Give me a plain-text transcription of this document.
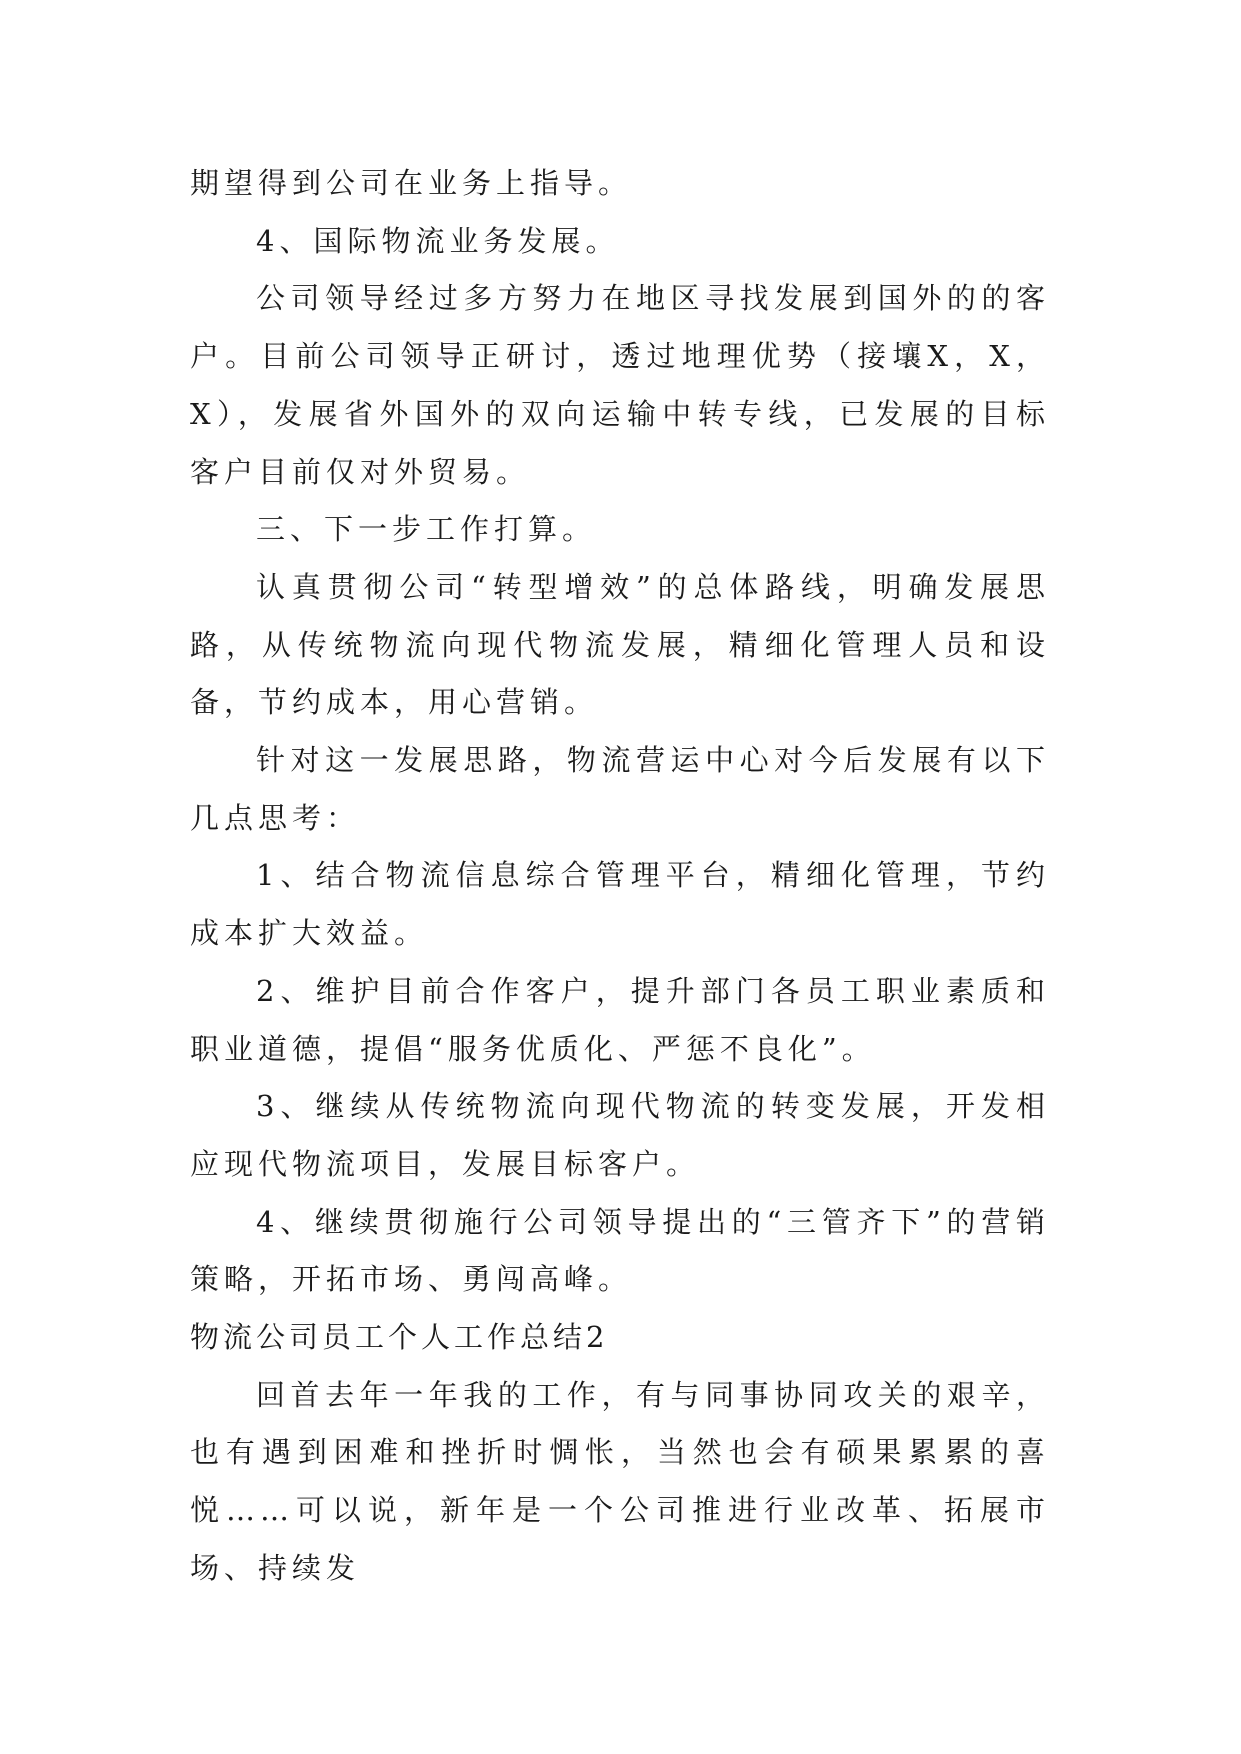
期望得到公司在业务上指导。

4、国际物流业务发展。

公司领导经过多方努力在地区寻找发展到国外的的客户。目前公司领导正研讨，透过地理优势（接壤X，X，X），发展省外国外的双向运输中转专线，已发展的目标客户目前仅对外贸易。

三、下一步工作打算。

认真贯彻公司“转型增效”的总体路线，明确发展思路，从传统物流向现代物流发展，精细化管理人员和设备，节约成本，用心营销。

针对这一发展思路，物流营运中心对今后发展有以下几点思考：

1、结合物流信息综合管理平台，精细化管理，节约成本扩大效益。

2、维护目前合作客户，提升部门各员工职业素质和职业道德，提倡“服务优质化、严惩不良化”。

3、继续从传统物流向现代物流的转变发展，开发相应现代物流项目，发展目标客户。

4、继续贯彻施行公司领导提出的“三管齐下”的营销策略，开拓市场、勇闯高峰。

物流公司员工个人工作总结2

回首去年一年我的工作，有与同事协同攻关的艰辛，也有遇到困难和挫折时惆怅，当然也会有硕果累累的喜悦……可以说，新年是一个公司推进行业改革、拓展市场、持续发
